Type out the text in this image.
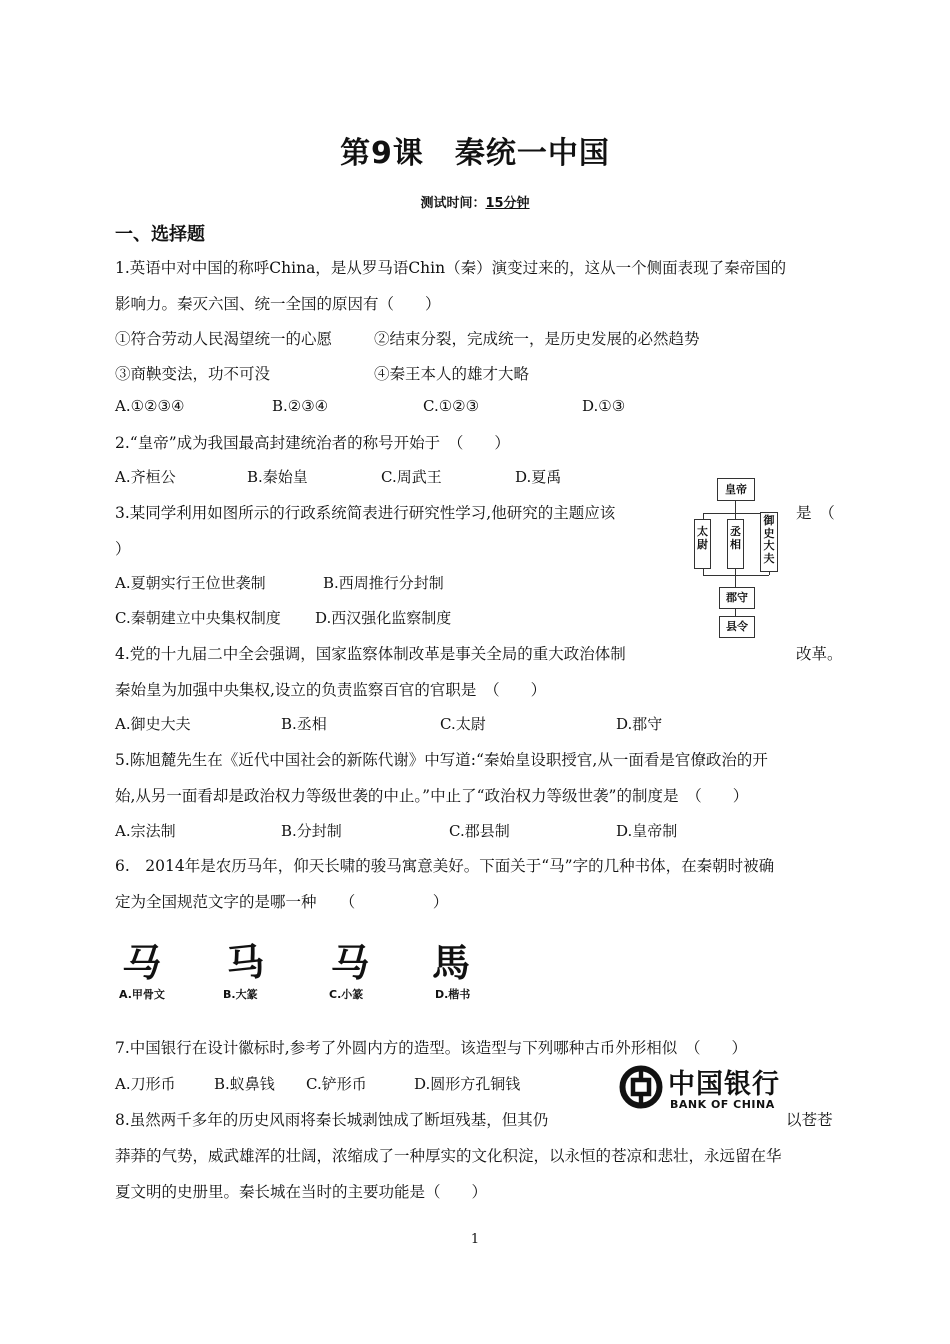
第9课　秦统一中国
测试时间：15分钟
一、选择题
1.英语中对中国的称呼China，是从罗马语Chin（秦）演变过来的，这从一个侧面表现了秦帝国的
影响力。秦灭六国、统一全国的原因有（　　）
①符合劳动人民渴望统一的心愿	②结束分裂，完成统一，是历史发展的必然趋势
③商鞅变法，功不可没	④秦王本人的雄才大略
A.①②③④	B.②③④	C.①②③	D.①③
2.“皇帝”成为我国最高封建统治者的称号开始于　（　　）
A.齐桓公	B.秦始皇	C.周武王	D.夏禹
3.某同学利用如图所示的行政系统简表进行研究性学习,他研究的主题应该	是　（
）
A.夏朝实行王位世袭制	B.西周推行分封制
C.秦朝建立中央集权制度 D.西汉强化监察制度
皇帝
太尉
丞相
御史大夫
郡守
县令
4.党的十九届二中全会强调，国家监察体制改革是事关全局的重大政治体制	改革。
秦始皇为加强中央集权,设立的负责监察百官的官职是　（　　）
A.御史大夫	B.丞相	C.太尉	D.郡守
5.陈旭麓先生在《近代中国社会的新陈代谢》中写道:“秦始皇设职授官,从一面看是官僚政治的开
始,从另一面看却是政治权力等级世袭的中止。”中止了“政治权力等级世袭”的制度是　（　　）
A.宗法制	B.分封制	C.郡县制	D.皇帝制
6.　2014年是农历马年，仰天长啸的骏马寓意美好。下面关于“马”字的几种书体，在秦朝时被确
定为全国规范文字的是哪一种　　（　　　　　）
马 马 马 馬
A.甲骨文	B.大篆	C.小篆	D.楷书
7.中国银行在设计徽标时,参考了外圆内方的造型。该造型与下列哪种古币外形相似　（　　）
A.刀形币	B.蚁鼻钱 C.铲形币	D.圆形方孔铜钱	中国银行
BANK OF CHINA
8.虽然两千多年的历史风雨将秦长城剥蚀成了断垣残基，但其仍	以苍苍
莽莽的气势，威武雄浑的壮阔，浓缩成了一种厚实的文化积淀，以永恒的苍凉和悲壮，永远留在华
夏文明的史册里。秦长城在当时的主要功能是（　　）
1
